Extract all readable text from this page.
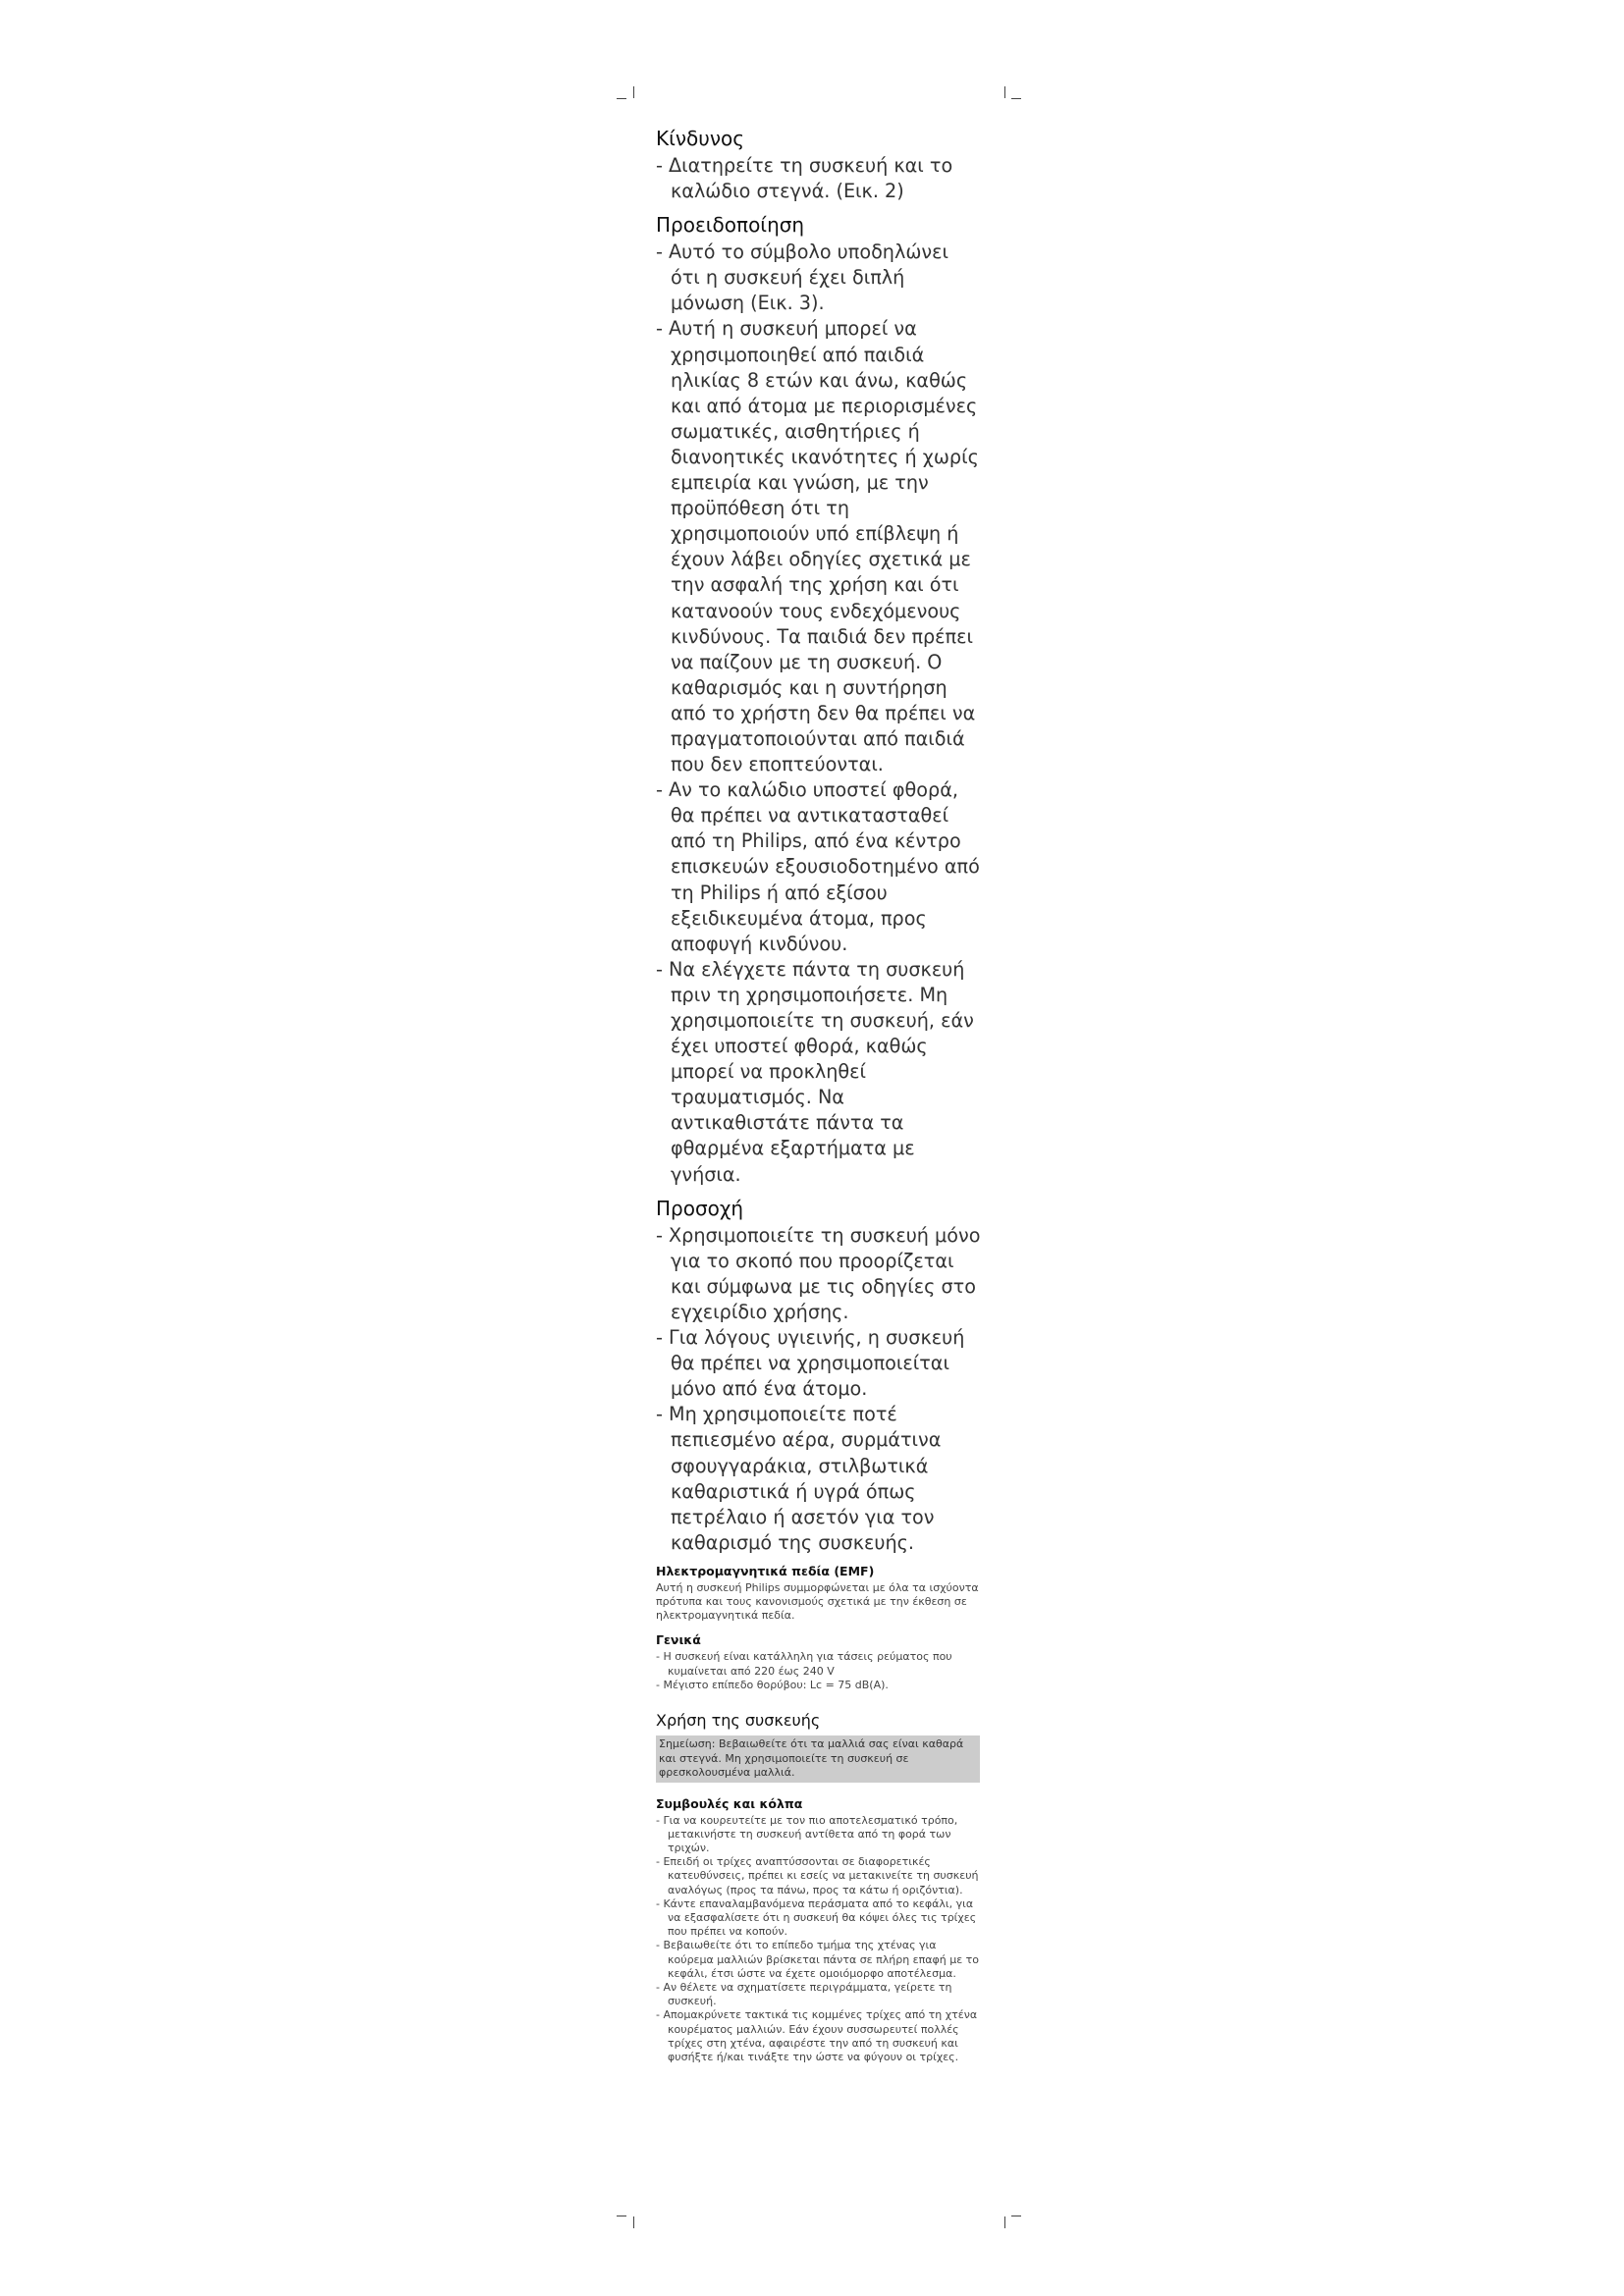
Κίνδυνος

- Διατηρείτε τη συσκευή και το καλώδιο στεγνά. (Εικ. 2)

Προειδοποίηση

- Αυτό το σύμβολο υποδηλώνει ότι η συσκευή έχει διπλή μόνωση (Εικ. 3).

- Αυτή η συσκευή μπορεί να χρησιμοποιηθεί από παιδιά ηλικίας 8 ετών και άνω, καθώς και από άτομα με περιορισμένες σωματικές, αισθητήριες ή διανοητικές ικανότητες ή χωρίς εμπειρία και γνώση, με την προϋπόθεση ότι τη χρησιμοποιούν υπό επίβλεψη ή έχουν λάβει οδηγίες σχετικά με την ασφαλή της χρήση και ότι κατανοούν τους ενδεχόμενους κινδύνους. Τα παιδιά δεν πρέπει να παίζουν με τη συσκευή. Ο καθαρισμός και η συντήρηση από το χρήστη δεν θα πρέπει να πραγματοποιούνται από παιδιά που δεν εποπτεύονται.

- Αν το καλώδιο υποστεί φθορά, θα πρέπει να αντικατασταθεί από τη Philips, από ένα κέντρο επισκευών εξουσιοδοτημένο από τη Philips ή από εξίσου εξειδικευμένα άτομα, προς αποφυγή κινδύνου.

- Να ελέγχετε πάντα τη συσκευή πριν τη χρησιμοποιήσετε. Μη χρησιμοποιείτε τη συσκευή, εάν έχει υποστεί φθορά, καθώς μπορεί να προκληθεί τραυματισμός. Να αντικαθιστάτε πάντα τα φθαρμένα εξαρτήματα με γνήσια.

Προσοχή

- Χρησιμοποιείτε τη συσκευή μόνο για το σκοπό που προορίζεται και σύμφωνα με τις οδηγίες στο εγχειρίδιο χρήσης.

- Για λόγους υγιεινής, η συσκευή θα πρέπει να χρησιμοποιείται μόνο από ένα άτομο.

- Μη χρησιμοποιείτε ποτέ πεπιεσμένο αέρα, συρμάτινα σφουγγαράκια, στιλβωτικά καθαριστικά ή υγρά όπως πετρέλαιο ή ασετόν για τον καθαρισμό της συσκευής.

Ηλεκτρομαγνητικά πεδία (EMF)

Αυτή η συσκευή Philips συμμορφώνεται με όλα τα ισχύοντα πρότυπα και τους κανονισμούς σχετικά με την έκθεση σε ηλεκτρομαγνητικά πεδία.

Γενικά

- Η συσκευή είναι κατάλληλη για τάσεις ρεύματος που κυμαίνεται από 220 έως 240 V

- Μέγιστο επίπεδο θορύβου: Lc = 75 dB(A).

Χρήση της συσκευής
Σημείωση: Βεβαιωθείτε ότι τα μαλλιά σας είναι καθαρά και στεγνά. Μη χρησιμοποιείτε τη συσκευή σε φρεσκολουσμένα μαλλιά.
Συμβουλές και κόλπα

- Για να κουρευτείτε με τον πιο αποτελεσματικό τρόπο, μετακινήστε τη συσκευή αντίθετα από τη φορά των τριχών.

- Επειδή οι τρίχες αναπτύσσονται σε διαφορετικές κατευθύνσεις, πρέπει κι εσείς να μετακινείτε τη συσκευή αναλόγως (προς τα πάνω, προς τα κάτω ή οριζόντια).

- Κάντε επαναλαμβανόμενα περάσματα από το κεφάλι, για να εξασφαλίσετε ότι η συσκευή θα κόψει όλες τις τρίχες που πρέπει να κοπούν.

- Βεβαιωθείτε ότι το επίπεδο τμήμα της χτένας για κούρεμα μαλλιών βρίσκεται πάντα σε πλήρη επαφή με το κεφάλι, έτσι ώστε να έχετε ομοιόμορφο αποτέλεσμα.

- Αν θέλετε να σχηματίσετε περιγράμματα, γείρετε τη συσκευή.

- Απομακρύνετε τακτικά τις κομμένες τρίχες από τη χτένα κουρέματος μαλλιών. Εάν έχουν συσσωρευτεί πολλές τρίχες στη χτένα, αφαιρέστε την από τη συσκευή και φυσήξτε ή/και τινάξτε την ώστε να φύγουν οι τρίχες.
